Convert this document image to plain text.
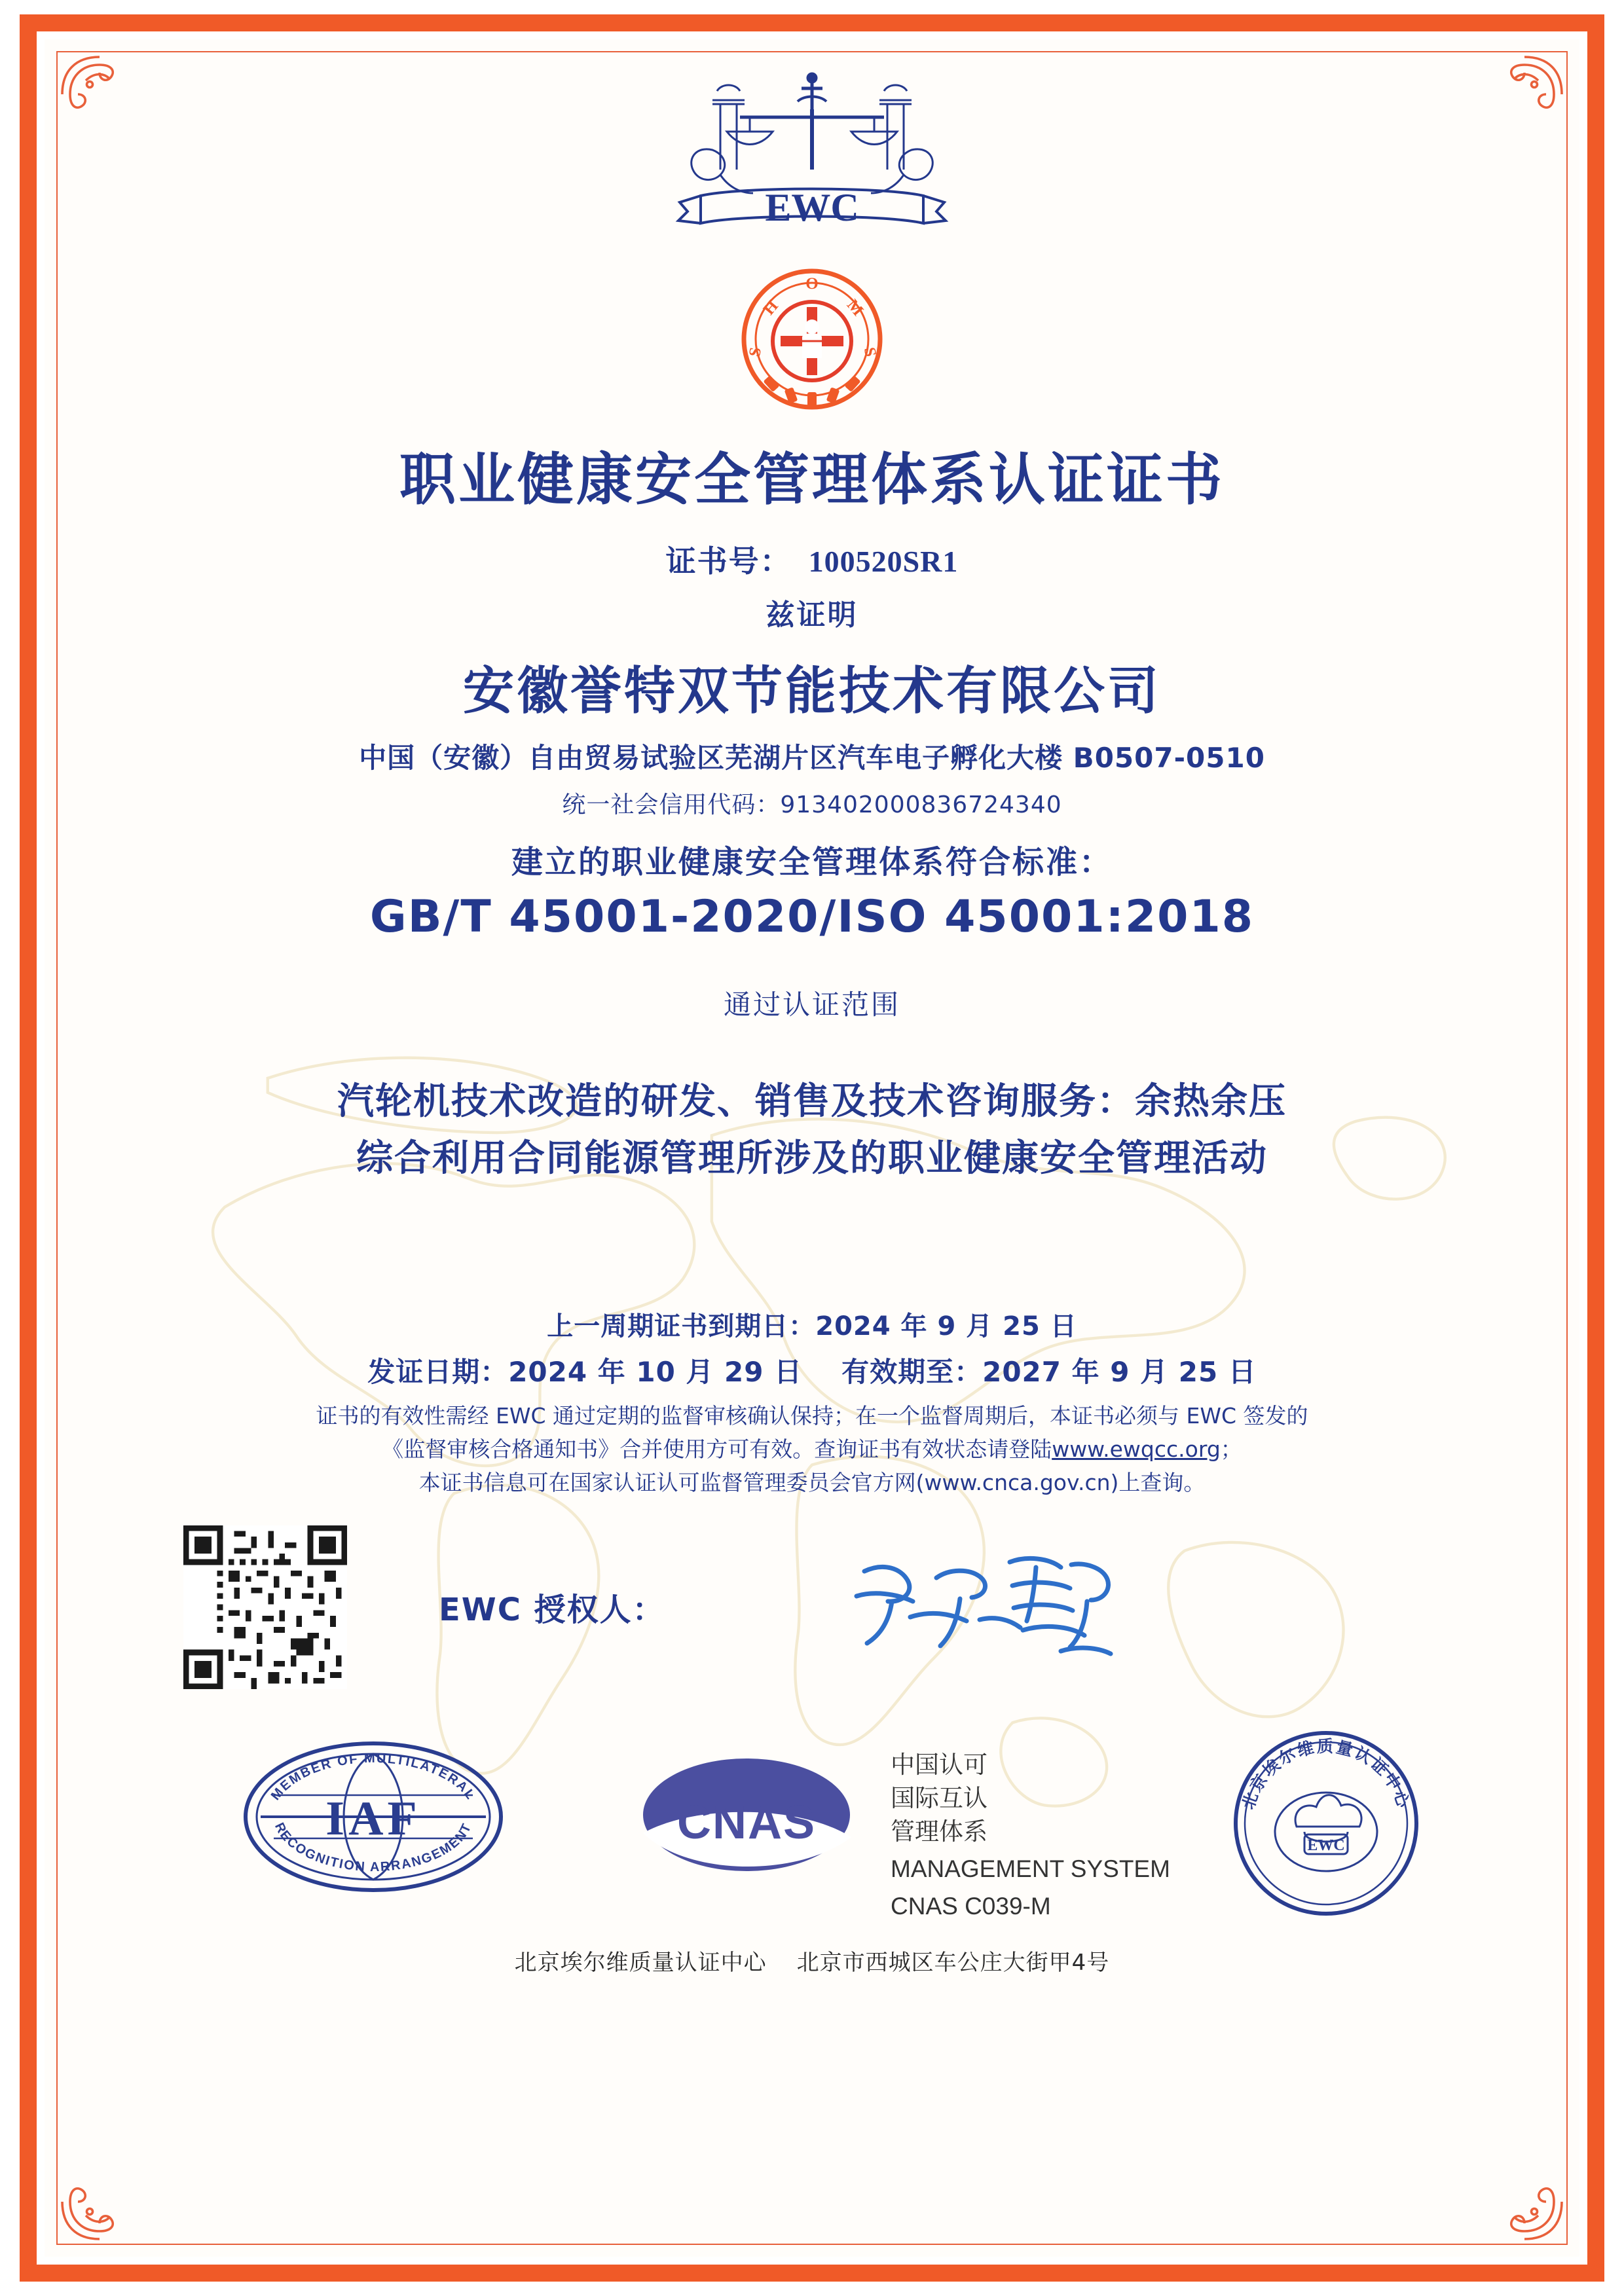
EWC
O
H
S
M
S
职业健康安全管理体系认证证书
证书号： 100520SR1
兹证明
安徽誉特双节能技术有限公司
中国（安徽）自由贸易试验区芜湖片区汽车电子孵化大楼 B0507-0510
统一社会信用代码：913402000836724340
建立的职业健康安全管理体系符合标准：
GB/T 45001-2020/ISO 45001:2018
通过认证范围
汽轮机技术改造的研发、销售及技术咨询服务：余热余压
综合利用合同能源管理所涉及的职业健康安全管理活动
上一周期证书到期日：2024 年 9 月 25 日
发证日期：2024 年 10 月 29 日 有效期至：2027 年 9 月 25 日
证书的有效性需经 EWC 通过定期的监督审核确认保持；在一个监督周期后，本证书必须与 EWC 签发的
《监督审核合格通知书》合并使用方可有效。查询证书有效状态请登陆www.ewqcc.org；
本证书信息可在国家认证认可监督管理委员会官方网(www.cnca.gov.cn)上查询。
EWC 授权人：
IAF
MEMBER OF MULTILATERAL
RECOGNITION ARRANGEMENT	CNAS
中国认可
国际互认
管理体系
MANAGEMENT SYSTEM
CNAS C039-M
EWC
北京埃尔维质量认证中心
北京埃尔维质量认证中心 北京市西城区车公庄大街甲4号
